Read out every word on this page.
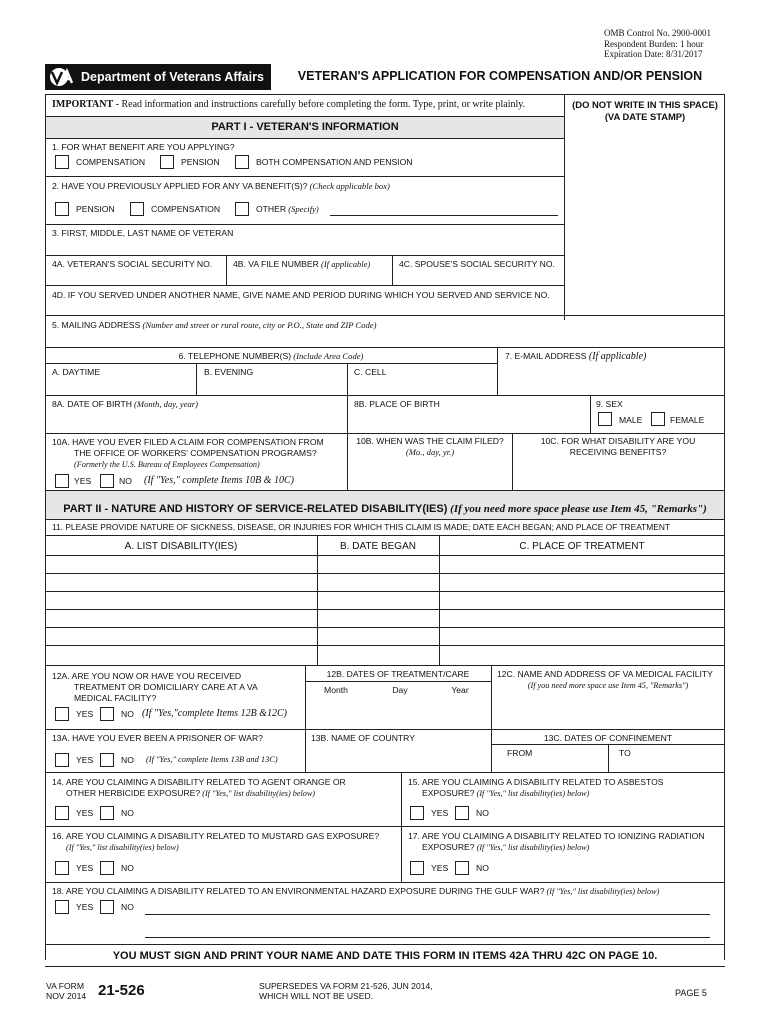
OMB Control No. 2900-0001
Respondent Burden: 1 hour
Expiration Date: 8/31/2017
Department of Veterans Affairs	VETERAN'S APPLICATION FOR COMPENSATION AND/OR PENSION
IMPORTANT - Read information and instructions carefully before completing the form. Type, print, or write plainly.	(DO NOT WRITE IN THIS SPACE)
(VA DATE STAMP)
PART I - VETERAN'S INFORMATION
1. FOR WHAT BENEFIT ARE YOU APPLYING?
COMPENSATION	PENSION	BOTH COMPENSATION AND PENSION
2. HAVE YOU PREVIOUSLY APPLIED FOR ANY VA BENEFIT(S)? (Check applicable box)
PENSION	COMPENSATION	OTHER (Specify)
3. FIRST, MIDDLE, LAST NAME OF VETERAN
4A. VETERAN'S SOCIAL SECURITY NO. 4B. VA FILE NUMBER (If applicable)	4C. SPOUSE'S SOCIAL SECURITY NO.
4D. IF YOU SERVED UNDER ANOTHER NAME, GIVE NAME AND PERIOD DURING WHICH YOU SERVED AND SERVICE NO.
5. MAILING ADDRESS (Number and street or rural route, city or P.O., State and ZIP Code)
6. TELEPHONE NUMBER(S) (Include Area Code)	7. E-MAIL ADDRESS (If applicable)
A. DAYTIME	B. EVENING	C. CELL
8A. DATE OF BIRTH (Month, day, year)	8B. PLACE OF BIRTH	9. SEX
MALE	FEMALE
10A. HAVE YOU EVER FILED A CLAIM FOR COMPENSATION FROM
THE OFFICE OF WORKERS' COMPENSATION PROGRAMS?
(Formerly the U.S. Bureau of Employees Compensation)
YES	NO (If "Yes," complete Items 10B & 10C)
10B. WHEN WAS THE CLAIM FILED?
(Mo., day, yr.)
10C. FOR WHAT DISABILITY ARE YOU
RECEIVING BENEFITS?
PART II - NATURE AND HISTORY OF SERVICE-RELATED DISABILITY(IES) (If you need more space please use Item 45, "Remarks")
11. PLEASE PROVIDE NATURE OF SICKNESS, DISEASE, OR INJURIES FOR WHICH THIS CLAIM IS MADE; DATE EACH BEGAN; AND PLACE OF TREATMENT
A. LIST DISABILITY(IES)	B. DATE BEGAN	C. PLACE OF TREATMENT
12A. ARE YOU NOW OR HAVE YOU RECEIVED
TREATMENT OR DOMICILIARY CARE AT A VA
MEDICAL FACILITY?
YES	NO (If "Yes,"complete Items 12B &12C)
12B. DATES OF TREATMENT/CARE
Month	Day	Year
12C. NAME AND ADDRESS OF VA MEDICAL FACILITY
(If you need more space use Item 45, "Remarks")
13A. HAVE YOU EVER BEEN A PRISONER OF WAR?
YES	NO (If "Yes," complete Items 13B and 13C)
13B. NAME OF COUNTRY	13C. DATES OF CONFINEMENT
FROM	TO
14. ARE YOU CLAIMING A DISABILITY RELATED TO AGENT ORANGE OR
OTHER HERBICIDE EXPOSURE? (If "Yes," list disability(ies) below)
YES	NO
15. ARE YOU CLAIMING A DISABILITY RELATED TO ASBESTOS
EXPOSURE? (If "Yes," list disability(ies) below)
YES	NO
16. ARE YOU CLAIMING A DISABILITY RELATED TO MUSTARD GAS EXPOSURE?
(If "Yes," list disability(ies) below)
YES	NO
17. ARE YOU CLAIMING A DISABILITY RELATED TO IONIZING RADIATION
EXPOSURE? (If "Yes," list disability(ies) below)
YES	NO
18. ARE YOU CLAIMING A DISABILITY RELATED TO AN ENVIRONMENTAL HAZARD EXPOSURE DURING THE GULF WAR? (If "Yes," list disability(ies) below)
YES	NO
YOU MUST SIGN AND PRINT YOUR NAME AND DATE THIS FORM IN ITEMS 42A THRU 42C ON PAGE 10.
VA FORM
NOV 2014 21-526	SUPERSEDES VA FORM 21-526, JUN 2014,
WHICH WILL NOT BE USED.	PAGE 5
